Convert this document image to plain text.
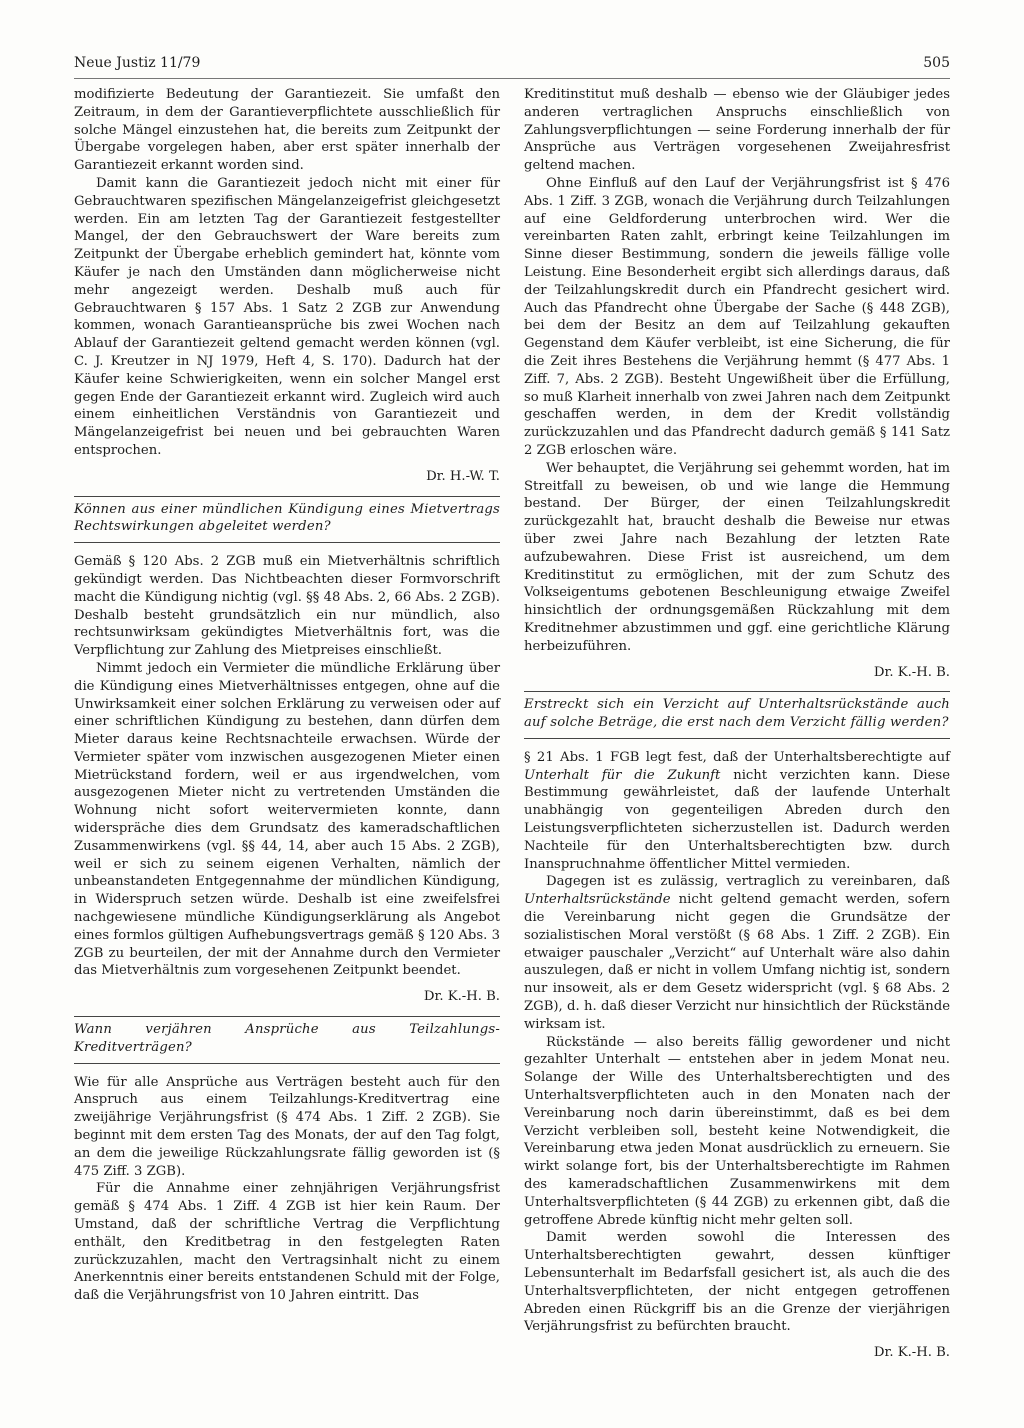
Neue Justiz 11/79	505

modifizierte Bedeutung der Garantiezeit. Sie umfaßt den Zeitraum, in dem der Garantieverpflichtete ausschließlich für solche Mängel einzustehen hat, die bereits zum Zeitpunkt der Übergabe vorgelegen haben, aber erst später innerhalb der Garantiezeit erkannt worden sind.

Damit kann die Garantiezeit jedoch nicht mit einer für Gebrauchtwaren spezifischen Mängelanzeigefrist gleichgesetzt werden. Ein am letzten Tag der Garantiezeit festgestellter Mangel, der den Gebrauchswert der Ware bereits zum Zeitpunkt der Übergabe erheblich gemindert hat, könnte vom Käufer je nach den Umständen dann möglicherweise nicht mehr angezeigt werden. Deshalb muß auch für Gebrauchtwaren § 157 Abs. 1 Satz 2 ZGB zur Anwendung kommen, wonach Garantieansprüche bis zwei Wochen nach Ablauf der Garantiezeit geltend gemacht werden können (vgl. C. J. Kreutzer in NJ 1979, Heft 4, S. 170). Dadurch hat der Käufer keine Schwierigkeiten, wenn ein solcher Mangel erst gegen Ende der Garantiezeit erkannt wird. Zugleich wird auch einem einheitlichen Verständnis von Garantiezeit und Mängelanzeigefrist bei neuen und bei gebrauchten Waren entsprochen.

Dr. H.-W. T.

Können aus einer mündlichen Kündigung eines Mietvertrags Rechtswirkungen abgeleitet werden?

Gemäß § 120 Abs. 2 ZGB muß ein Mietverhältnis schriftlich gekündigt werden. Das Nichtbeachten dieser Formvorschrift macht die Kündigung nichtig (vgl. §§ 48 Abs. 2, 66 Abs. 2 ZGB). Deshalb besteht grundsätzlich ein nur mündlich, also rechtsunwirksam gekündigtes Mietverhältnis fort, was die Verpflichtung zur Zahlung des Mietpreises einschließt.

Nimmt jedoch ein Vermieter die mündliche Erklärung über die Kündigung eines Mietverhältnisses entgegen, ohne auf die Unwirksamkeit einer solchen Erklärung zu verweisen oder auf einer schriftlichen Kündigung zu bestehen, dann dürfen dem Mieter daraus keine Rechtsnachteile erwachsen. Würde der Vermieter später vom inzwischen ausgezogenen Mieter einen Mietrückstand fordern, weil er aus irgendwelchen, vom ausgezogenen Mieter nicht zu vertretenden Umständen die Wohnung nicht sofort weitervermieten konnte, dann widerspräche dies dem Grundsatz des kameradschaftlichen Zusammenwirkens (vgl. §§ 44, 14, aber auch 15 Abs. 2 ZGB), weil er sich zu seinem eigenen Verhalten, nämlich der unbeanstandeten Entgegennahme der mündlichen Kündigung, in Widerspruch setzen würde. Deshalb ist eine zweifelsfrei nachgewiesene mündliche Kündigungserklärung als Angebot eines formlos gültigen Aufhebungsvertrags gemäß § 120 Abs. 3 ZGB zu beurteilen, der mit der Annahme durch den Vermieter das Mietverhältnis zum vorgesehenen Zeitpunkt beendet.

Dr. K.-H. B.

Wann verjähren Ansprüche aus Teilzahlungs-Kreditverträgen?

Wie für alle Ansprüche aus Verträgen besteht auch für den Anspruch aus einem Teilzahlungs-Kreditvertrag eine zweijährige Verjährungsfrist (§ 474 Abs. 1 Ziff. 2 ZGB). Sie beginnt mit dem ersten Tag des Monats, der auf den Tag folgt, an dem die jeweilige Rückzahlungsrate fällig geworden ist (§ 475 Ziff. 3 ZGB).

Für die Annahme einer zehnjährigen Verjährungsfrist gemäß § 474 Abs. 1 Ziff. 4 ZGB ist hier kein Raum. Der Umstand, daß der schriftliche Vertrag die Verpflichtung enthält, den Kreditbetrag in den festgelegten Raten zurückzuzahlen, macht den Vertragsinhalt nicht zu einem Anerkenntnis einer bereits entstandenen Schuld mit der Folge, daß die Verjährungsfrist von 10 Jahren eintritt. Das

Kreditinstitut muß deshalb — ebenso wie der Gläubiger jedes anderen vertraglichen Anspruchs einschließlich von Zahlungsverpflichtungen — seine Forderung innerhalb der für Ansprüche aus Verträgen vorgesehenen Zweijahresfrist geltend machen.

Ohne Einfluß auf den Lauf der Verjährungsfrist ist § 476 Abs. 1 Ziff. 3 ZGB, wonach die Verjährung durch Teilzahlungen auf eine Geldforderung unterbrochen wird. Wer die vereinbarten Raten zahlt, erbringt keine Teilzahlungen im Sinne dieser Bestimmung, sondern die jeweils fällige volle Leistung. Eine Besonderheit ergibt sich allerdings daraus, daß der Teilzahlungskredit durch ein Pfandrecht gesichert wird. Auch das Pfandrecht ohne Übergabe der Sache (§ 448 ZGB), bei dem der Besitz an dem auf Teilzahlung gekauften Gegenstand dem Käufer verbleibt, ist eine Sicherung, die für die Zeit ihres Bestehens die Verjährung hemmt (§ 477 Abs. 1 Ziff. 7, Abs. 2 ZGB). Besteht Ungewißheit über die Erfüllung, so muß Klarheit innerhalb von zwei Jahren nach dem Zeitpunkt geschaffen werden, in dem der Kredit vollständig zurückzuzahlen und das Pfandrecht dadurch gemäß § 141 Satz 2 ZGB erloschen wäre.

Wer behauptet, die Verjährung sei gehemmt worden, hat im Streitfall zu beweisen, ob und wie lange die Hemmung bestand. Der Bürger, der einen Teilzahlungskredit zurückgezahlt hat, braucht deshalb die Beweise nur etwas über zwei Jahre nach Bezahlung der letzten Rate aufzubewahren. Diese Frist ist ausreichend, um dem Kreditinstitut zu ermöglichen, mit der zum Schutz des Volkseigentums gebotenen Beschleunigung etwaige Zweifel hinsichtlich der ordnungsgemäßen Rückzahlung mit dem Kreditnehmer abzustimmen und ggf. eine gerichtliche Klärung herbeizuführen.

Dr. K.-H. B.

Erstreckt sich ein Verzicht auf Unterhaltsrückstände auch auf solche Beträge, die erst nach dem Verzicht fällig werden?

§ 21 Abs. 1 FGB legt fest, daß der Unterhaltsberechtigte auf Unterhalt für die Zukunft nicht verzichten kann. Diese Bestimmung gewährleistet, daß der laufende Unterhalt unabhängig von gegenteiligen Abreden durch den Leistungsverpflichteten sicherzustellen ist. Dadurch werden Nachteile für den Unterhaltsberechtigten bzw. durch Inanspruchnahme öffentlicher Mittel vermieden.

Dagegen ist es zulässig, vertraglich zu vereinbaren, daß Unterhaltsrückstände nicht geltend gemacht werden, sofern die Vereinbarung nicht gegen die Grundsätze der sozialistischen Moral verstößt (§ 68 Abs. 1 Ziff. 2 ZGB). Ein etwaiger pauschaler „Verzicht“ auf Unterhalt wäre also dahin auszulegen, daß er nicht in vollem Umfang nichtig ist, sondern nur insoweit, als er dem Gesetz widerspricht (vgl. § 68 Abs. 2 ZGB), d. h. daß dieser Verzicht nur hinsichtlich der Rückstände wirksam ist.

Rückstände — also bereits fällig gewordener und nicht gezahlter Unterhalt — entstehen aber in jedem Monat neu. Solange der Wille des Unterhaltsberechtigten und des Unterhaltsverpflichteten auch in den Monaten nach der Vereinbarung noch darin übereinstimmt, daß es bei dem Verzicht verbleiben soll, besteht keine Notwendigkeit, die Vereinbarung etwa jeden Monat ausdrücklich zu erneuern. Sie wirkt solange fort, bis der Unterhaltsberechtigte im Rahmen des kameradschaftlichen Zusammenwirkens mit dem Unterhaltsverpflichteten (§ 44 ZGB) zu erkennen gibt, daß die getroffene Abrede künftig nicht mehr gelten soll.

Damit werden sowohl die Interessen des Unterhaltsberechtigten gewahrt, dessen künftiger Lebensunterhalt im Bedarfsfall gesichert ist, als auch die des Unterhaltsverpflichteten, der nicht entgegen getroffenen Abreden einen Rückgriff bis an die Grenze der vierjährigen Verjährungsfrist zu befürchten braucht.

Dr. K.-H. B.
